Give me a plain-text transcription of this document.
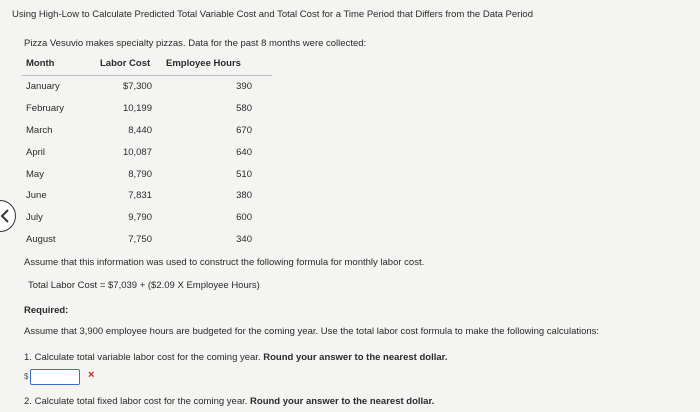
Using High-Low to Calculate Predicted Total Variable Cost and Total Cost for a Time Period that Differs from the Data Period
Pizza Vesuvio makes specialty pizzas. Data for the past 8 months were collected:
Month	Labor Cost	Employee Hours
January	$7,300	390
February	10,199	580
March	8,440	670
April	10,087	640
May	8,790	510
June	7,831	380
July	9,790	600
August	7,750	340
Assume that this information was used to construct the following formula for monthly labor cost.
Total Labor Cost = $7,039 + ($2.09 X Employee Hours)
Required:
Assume that 3,900 employee hours are budgeted for the coming year. Use the total labor cost formula to make the following calculations:
1. Calculate total variable labor cost for the coming year. Round your answer to the nearest dollar.
$	×
2. Calculate total fixed labor cost for the coming year. Round your answer to the nearest dollar.
